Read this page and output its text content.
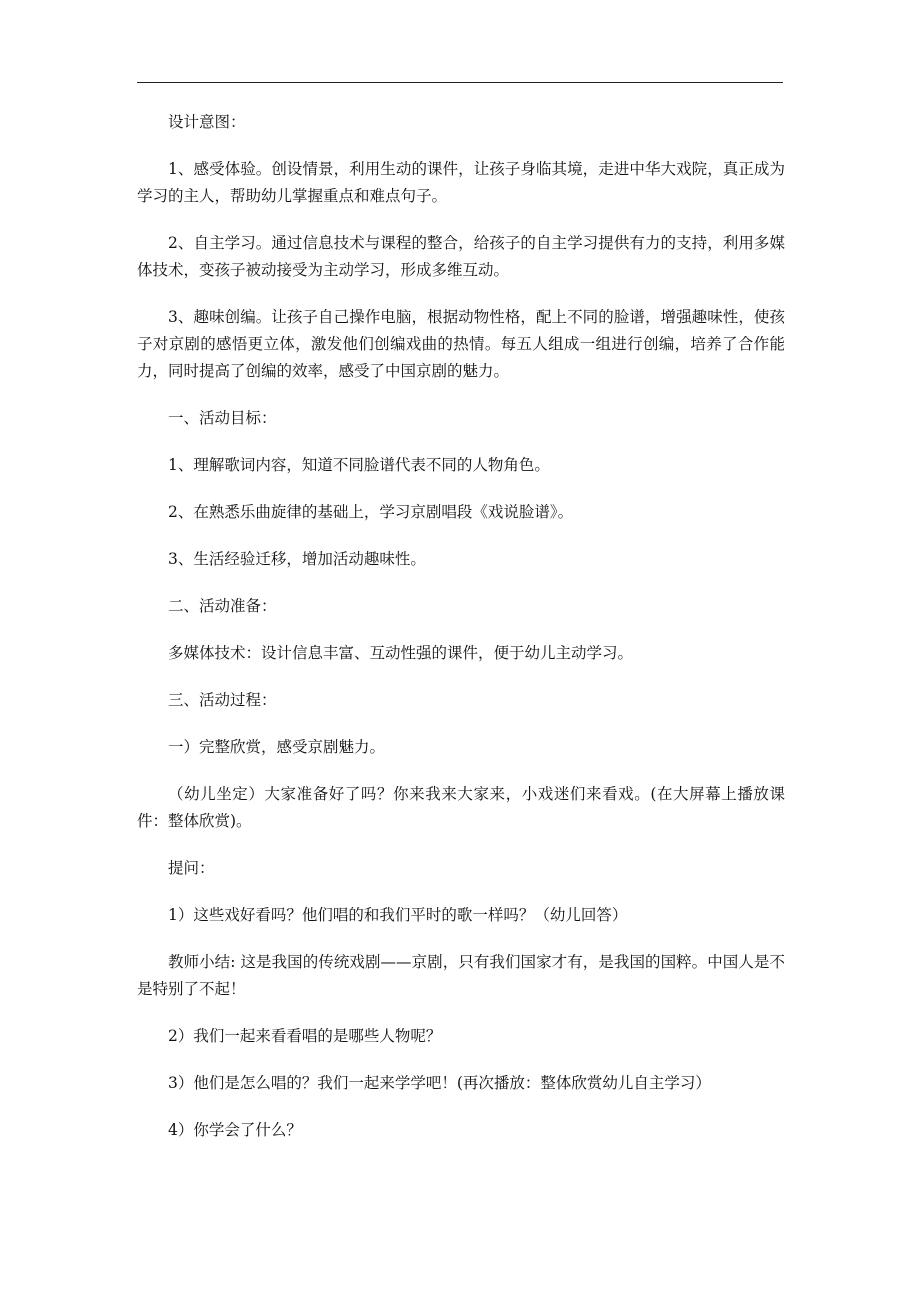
设计意图：

1、感受体验。创设情景，利用生动的课件，让孩子身临其境，走进中华大戏院，真正成为学习的主人，帮助幼儿掌握重点和难点句子。

2、自主学习。通过信息技术与课程的整合，给孩子的自主学习提供有力的支持，利用多媒体技术，变孩子被动接受为主动学习，形成多维互动。

3、趣味创编。让孩子自己操作电脑，根据动物性格，配上不同的脸谱，增强趣味性，使孩子对京剧的感悟更立体，激发他们创编戏曲的热情。每五人组成一组进行创编，培养了合作能力，同时提高了创编的效率，感受了中国京剧的魅力。

一、活动目标：

1、理解歌词内容，知道不同脸谱代表不同的人物角色。

2、在熟悉乐曲旋律的基础上，学习京剧唱段《戏说脸谱》。

3、生活经验迁移，增加活动趣味性。

二、活动准备：

多媒体技术：设计信息丰富、互动性强的课件，便于幼儿主动学习。

三、活动过程：

一）完整欣赏，感受京剧魅力。

（幼儿坐定）大家准备好了吗？你来我来大家来，小戏迷们来看戏。(在大屏幕上播放课件：整体欣赏)。

提问：

1）这些戏好看吗？他们唱的和我们平时的歌一样吗？（幼儿回答）

教师小结: 这是我国的传统戏剧——京剧，只有我们国家才有，是我国的国粹。中国人是不是特别了不起！

2）我们一起来看看唱的是哪些人物呢？

3）他们是怎么唱的？我们一起来学学吧！(再次播放：整体欣赏幼儿自主学习）

4）你学会了什么？
